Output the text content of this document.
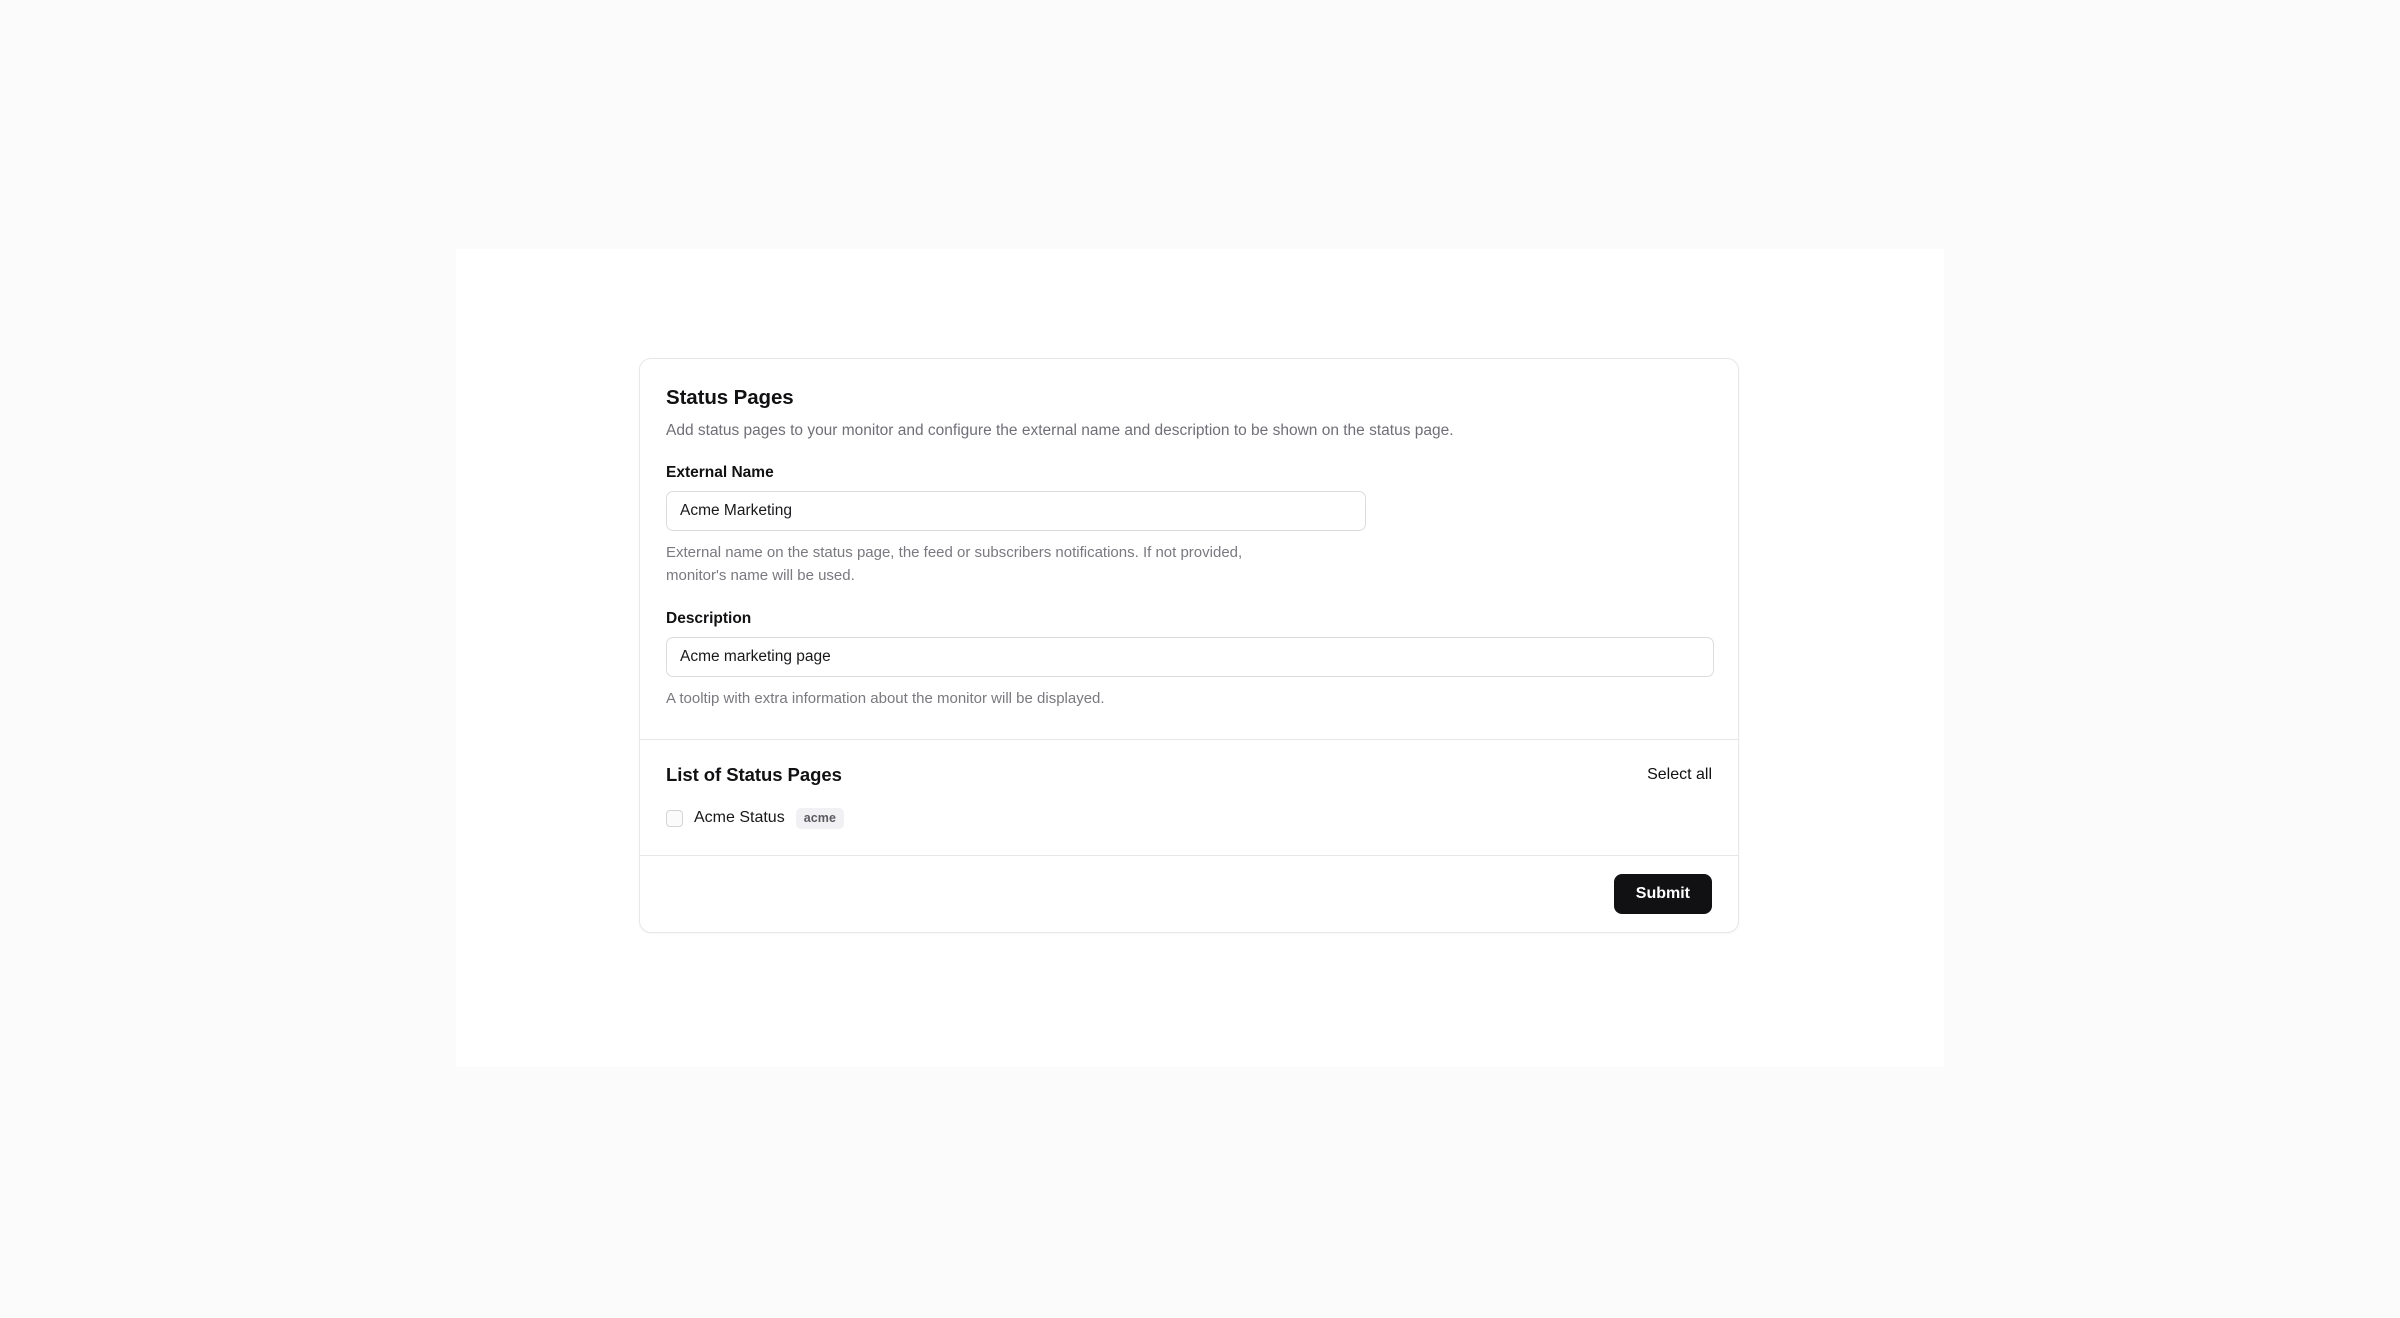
Status Pages
Add status pages to your monitor and configure the external name and description to be shown on the status page.
External Name
Acme Marketing
External name on the status page, the feed or subscribers notifications. If not provided, monitor's name will be used.
Description
Acme marketing page
A tooltip with extra information about the monitor will be displayed.
List of Status Pages	Select all
Acme Status	acme
Submit
